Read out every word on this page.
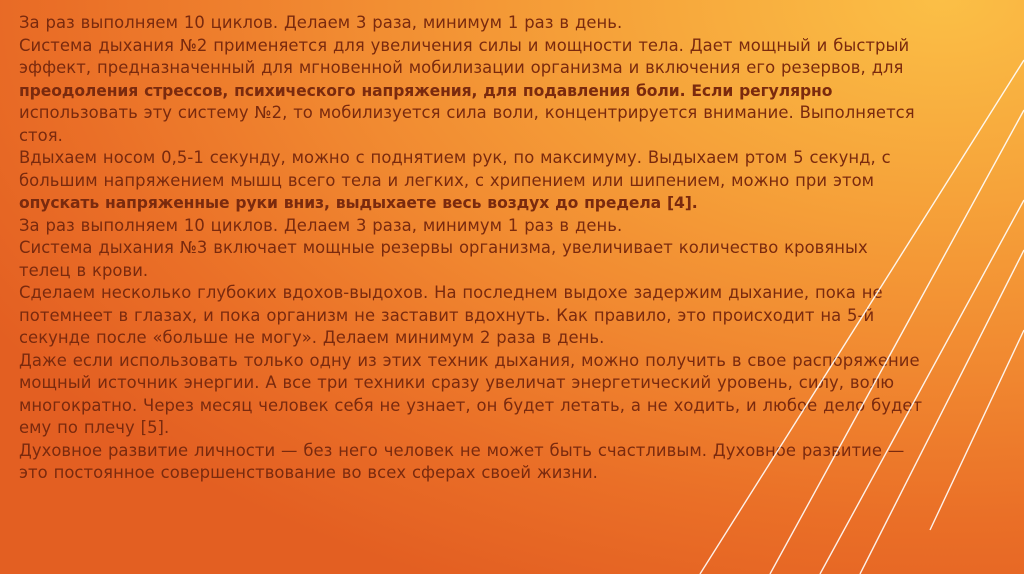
За раз выполняем 10 циклов. Делаем 3 раза, минимум 1 раз в день.
Система дыхания №2 применяется для увеличения силы и мощности тела. Дает мощный и быстрый
эффект, предназначенный для мгновенной мобилизации организма и включения его резервов, для
преодоления стрессов, психического напряжения, для подавления боли. Если регулярно
использовать эту систему №2, то мобилизуется сила воли, концентрируется внимание. Выполняется
стоя.
Вдыхаем носом 0,5-1 секунду, можно с поднятием рук, по максимуму. Выдыхаем ртом 5 секунд, с
большим напряжением мышц всего тела и легких, с хрипением или шипением, можно при этом
опускать напряженные руки вниз, выдыхаете весь воздух до предела [4].
За раз выполняем 10 циклов. Делаем 3 раза, минимум 1 раз в день.
Система дыхания №3 включает мощные резервы организма, увеличивает количество кровяных
телец в крови.
Сделаем несколько глубоких вдохов-выдохов. На последнем выдохе задержим дыхание, пока не
потемнеет в глазах, и пока организм не заставит вдохнуть. Как правило, это происходит на 5-й
секунде после «больше не могу». Делаем минимум 2 раза в день.
Даже если использовать только одну из этих техник дыхания, можно получить в свое распоряжение
мощный источник энергии. А все три техники сразу увеличат энергетический уровень, силу, волю
многократно. Через месяц человек себя не узнает, он будет летать, а не ходить, и любое дело будет
ему по плечу [5].
Духовное развитие личности — без него человек не может быть счастливым. Духовное развитие —
это постоянное совершенствование во всех сферах своей жизни.
